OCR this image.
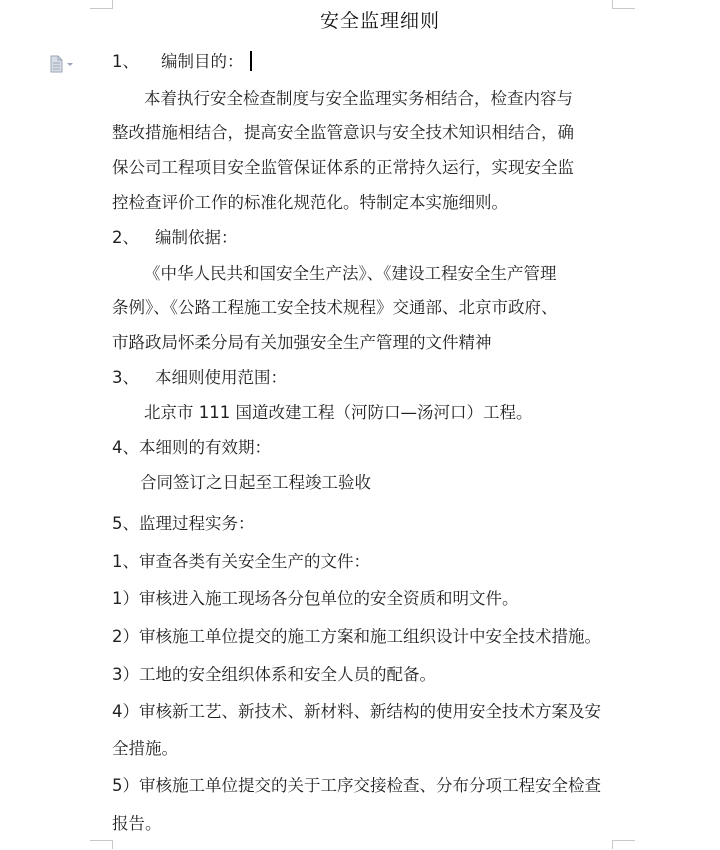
安全监理细则
1、 编制目的：
本着执行安全检查制度与安全监理实务相结合，检查内容与
整改措施相结合，提高安全监管意识与安全技术知识相结合，确
保公司工程项目安全监管保证体系的正常持久运行，实现安全监
控检查评价工作的标准化规范化。特制定本实施细则。
2、 编制依据：
《中华人民共和国安全生产法》、《建设工程安全生产管理
条例》、《公路工程施工安全技术规程》交通部、北京市政府、
市路政局怀柔分局有关加强安全生产管理的文件精神
3、 本细则使用范围：
北京市 111 国道改建工程（河防口—汤河口）工程。
4、本细则的有效期：
合同签订之日起至工程竣工验收
5、监理过程实务：
1、审查各类有关安全生产的文件：
1）审核进入施工现场各分包单位的安全资质和明文件。
2）审核施工单位提交的施工方案和施工组织设计中安全技术措施。
3）工地的安全组织体系和安全人员的配备。
4）审核新工艺、新技术、新材料、新结构的使用安全技术方案及安
全措施。
5）审核施工单位提交的关于工序交接检查、分布分项工程安全检查
报告。
